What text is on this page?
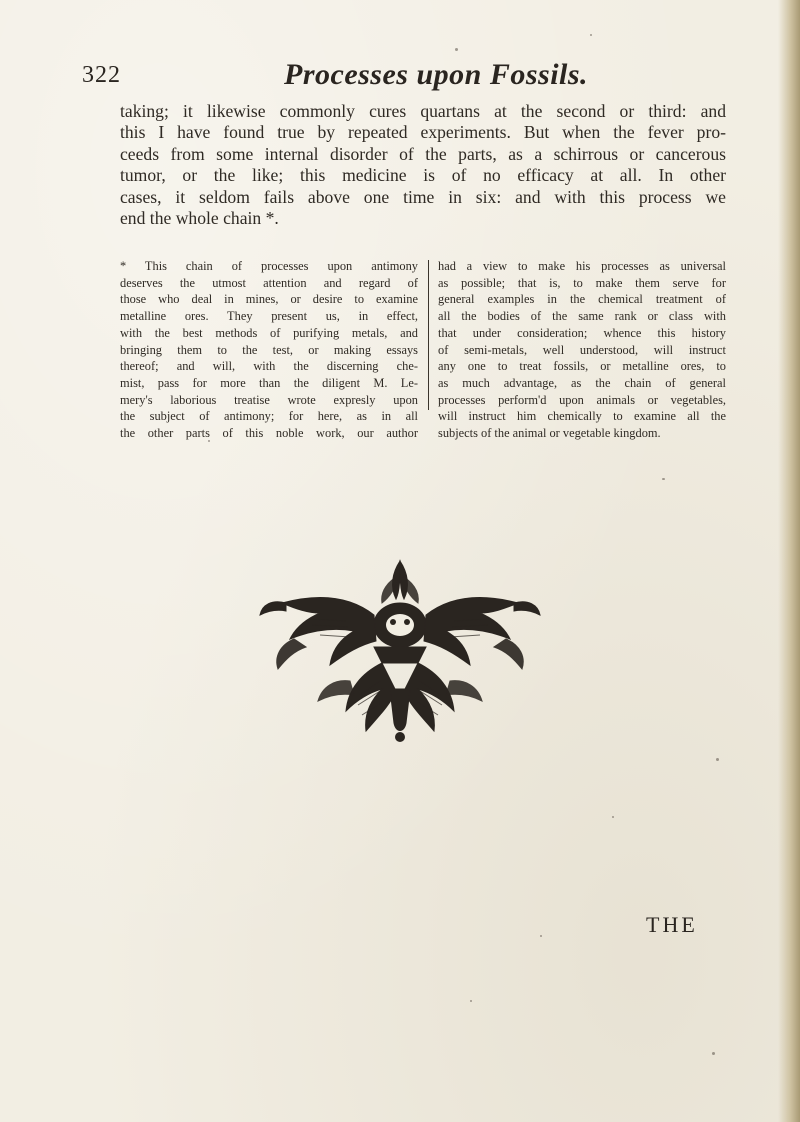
322	Processes upon Fossils.
taking; it likewise commonly cures quartans at the second or third: and
this I have found true by repeated experiments. But when the fever pro-
ceeds from some internal disorder of the parts, as a schirrous or cancerous
tumor, or the like; this medicine is of no efficacy at all. In other
cases, it seldom fails above one time in six: and with this process we
end the whole chain *.
* This chain of processes upon antimony
deserves the utmost attention and regard of
those who deal in mines, or desire to examine
metalline ores. They present us, in effect,
with the best methods of purifying metals, and
bringing them to the test, or making essays
thereof; and will, with the discerning che-
mist, pass for more than the diligent M. Le-
mery's laborious treatise wrote expresly upon
the subject of antimony; for here, as in all
the other parts of this noble work, our author
had a view to make his processes as universal
as possible; that is, to make them serve for
general examples in the chemical treatment of
all the bodies of the same rank or class with
that under consideration; whence this history
of semi-metals, well understood, will instruct
any one to treat fossils, or metalline ores, to
as much advantage, as the chain of general
processes perform'd upon animals or vegetables,
will instruct him chemically to examine all the
subjects of the animal or vegetable kingdom.
THE
